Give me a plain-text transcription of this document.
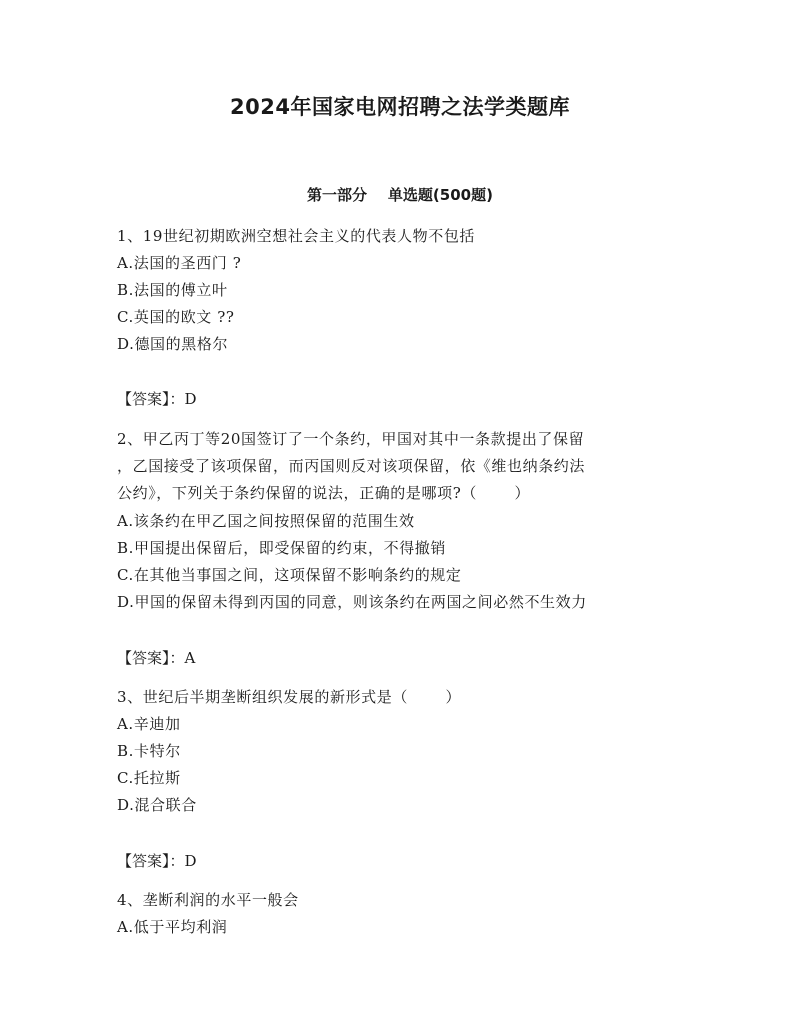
2024年国家电网招聘之法学类题库
第一部分    单选题(500题)
1、19世纪初期欧洲空想社会主义的代表人物不包括
A.法国的圣西门 ?
B.法国的傅立叶
C.英国的欧文 ??
D.德国的黑格尔
【答案】：D
2、甲乙丙丁等20国签订了一个条约，甲国对其中一条款提出了保留
，乙国接受了该项保留，而丙国则反对该项保留，依《维也纳条约法
公约》，下列关于条约保留的说法，正确的是哪项?（       ）
A.该条约在甲乙国之间按照保留的范围生效
B.甲国提出保留后，即受保留的约束，不得撤销
C.在其他当事国之间，这项保留不影响条约的规定
D.甲国的保留未得到丙国的同意，则该条约在两国之间必然不生效力
【答案】：A
3、世纪后半期垄断组织发展的新形式是（       ）
A.辛迪加
B.卡特尔
C.托拉斯
D.混合联合
【答案】：D
4、垄断利润的水平一般会
A.低于平均利润
